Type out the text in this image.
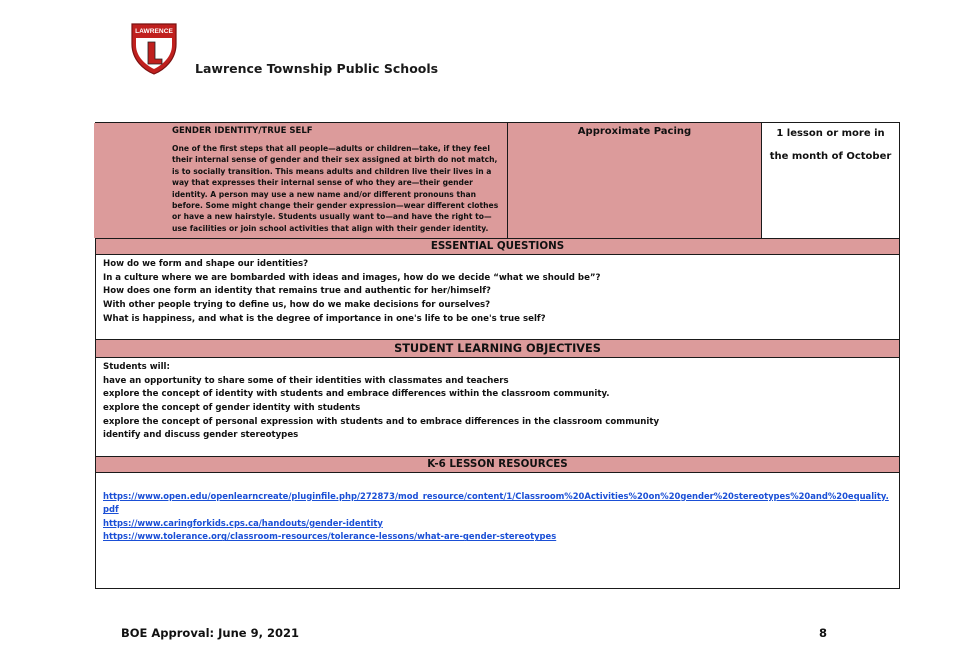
LAWRENCE
Lawrence Township Public Schools

GENDER IDENTITY/TRUE SELF

One of the first steps that all people—adults or children—take, if they feel their internal sense of gender and their sex assigned at birth do not match, is to socially transition. This means adults and children live their lives in a way that expresses their internal sense of who they are—their gender identity. A person may use a new name and/or different pronouns than before. Some might change their gender expression—wear different clothes or have a new hairstyle. Students usually want to—and have the right to—use facilities or join school activities that align with their gender identity.

	Approximate Pacing	1 lesson or more in the month of October
ESSENTIAL QUESTIONS

How do we form and shape our identities?
In a culture where we are bombarded with ideas and images, how do we decide “what we should be”?
How does one form an identity that remains true and authentic for her/himself?
With other people trying to define us, how do we make decisions for ourselves?
What is happiness, and what is the degree of importance in one's life to be one's true self?

STUDENT LEARNING OBJECTIVES

Students will:
have an opportunity to share some of their identities with classmates and teachers
explore the concept of identity with students and embrace differences within the classroom community.
explore the concept of gender identity with students
explore the concept of personal expression with students and to embrace differences in the classroom community
identify and discuss gender stereotypes

K-6 LESSON RESOURCES

https://www.open.edu/openlearncreate/pluginfile.php/272873/mod_resource/content/1/Classroom%20Activities%20on%20gender%20stereotypes%20and%20equality.pdf
https://www.caringforkids.cps.ca/handouts/gender-identity
https://www.tolerance.org/classroom-resources/tolerance-lessons/what-are-gender-stereotypes
BOE Approval: June 9, 2021	8
